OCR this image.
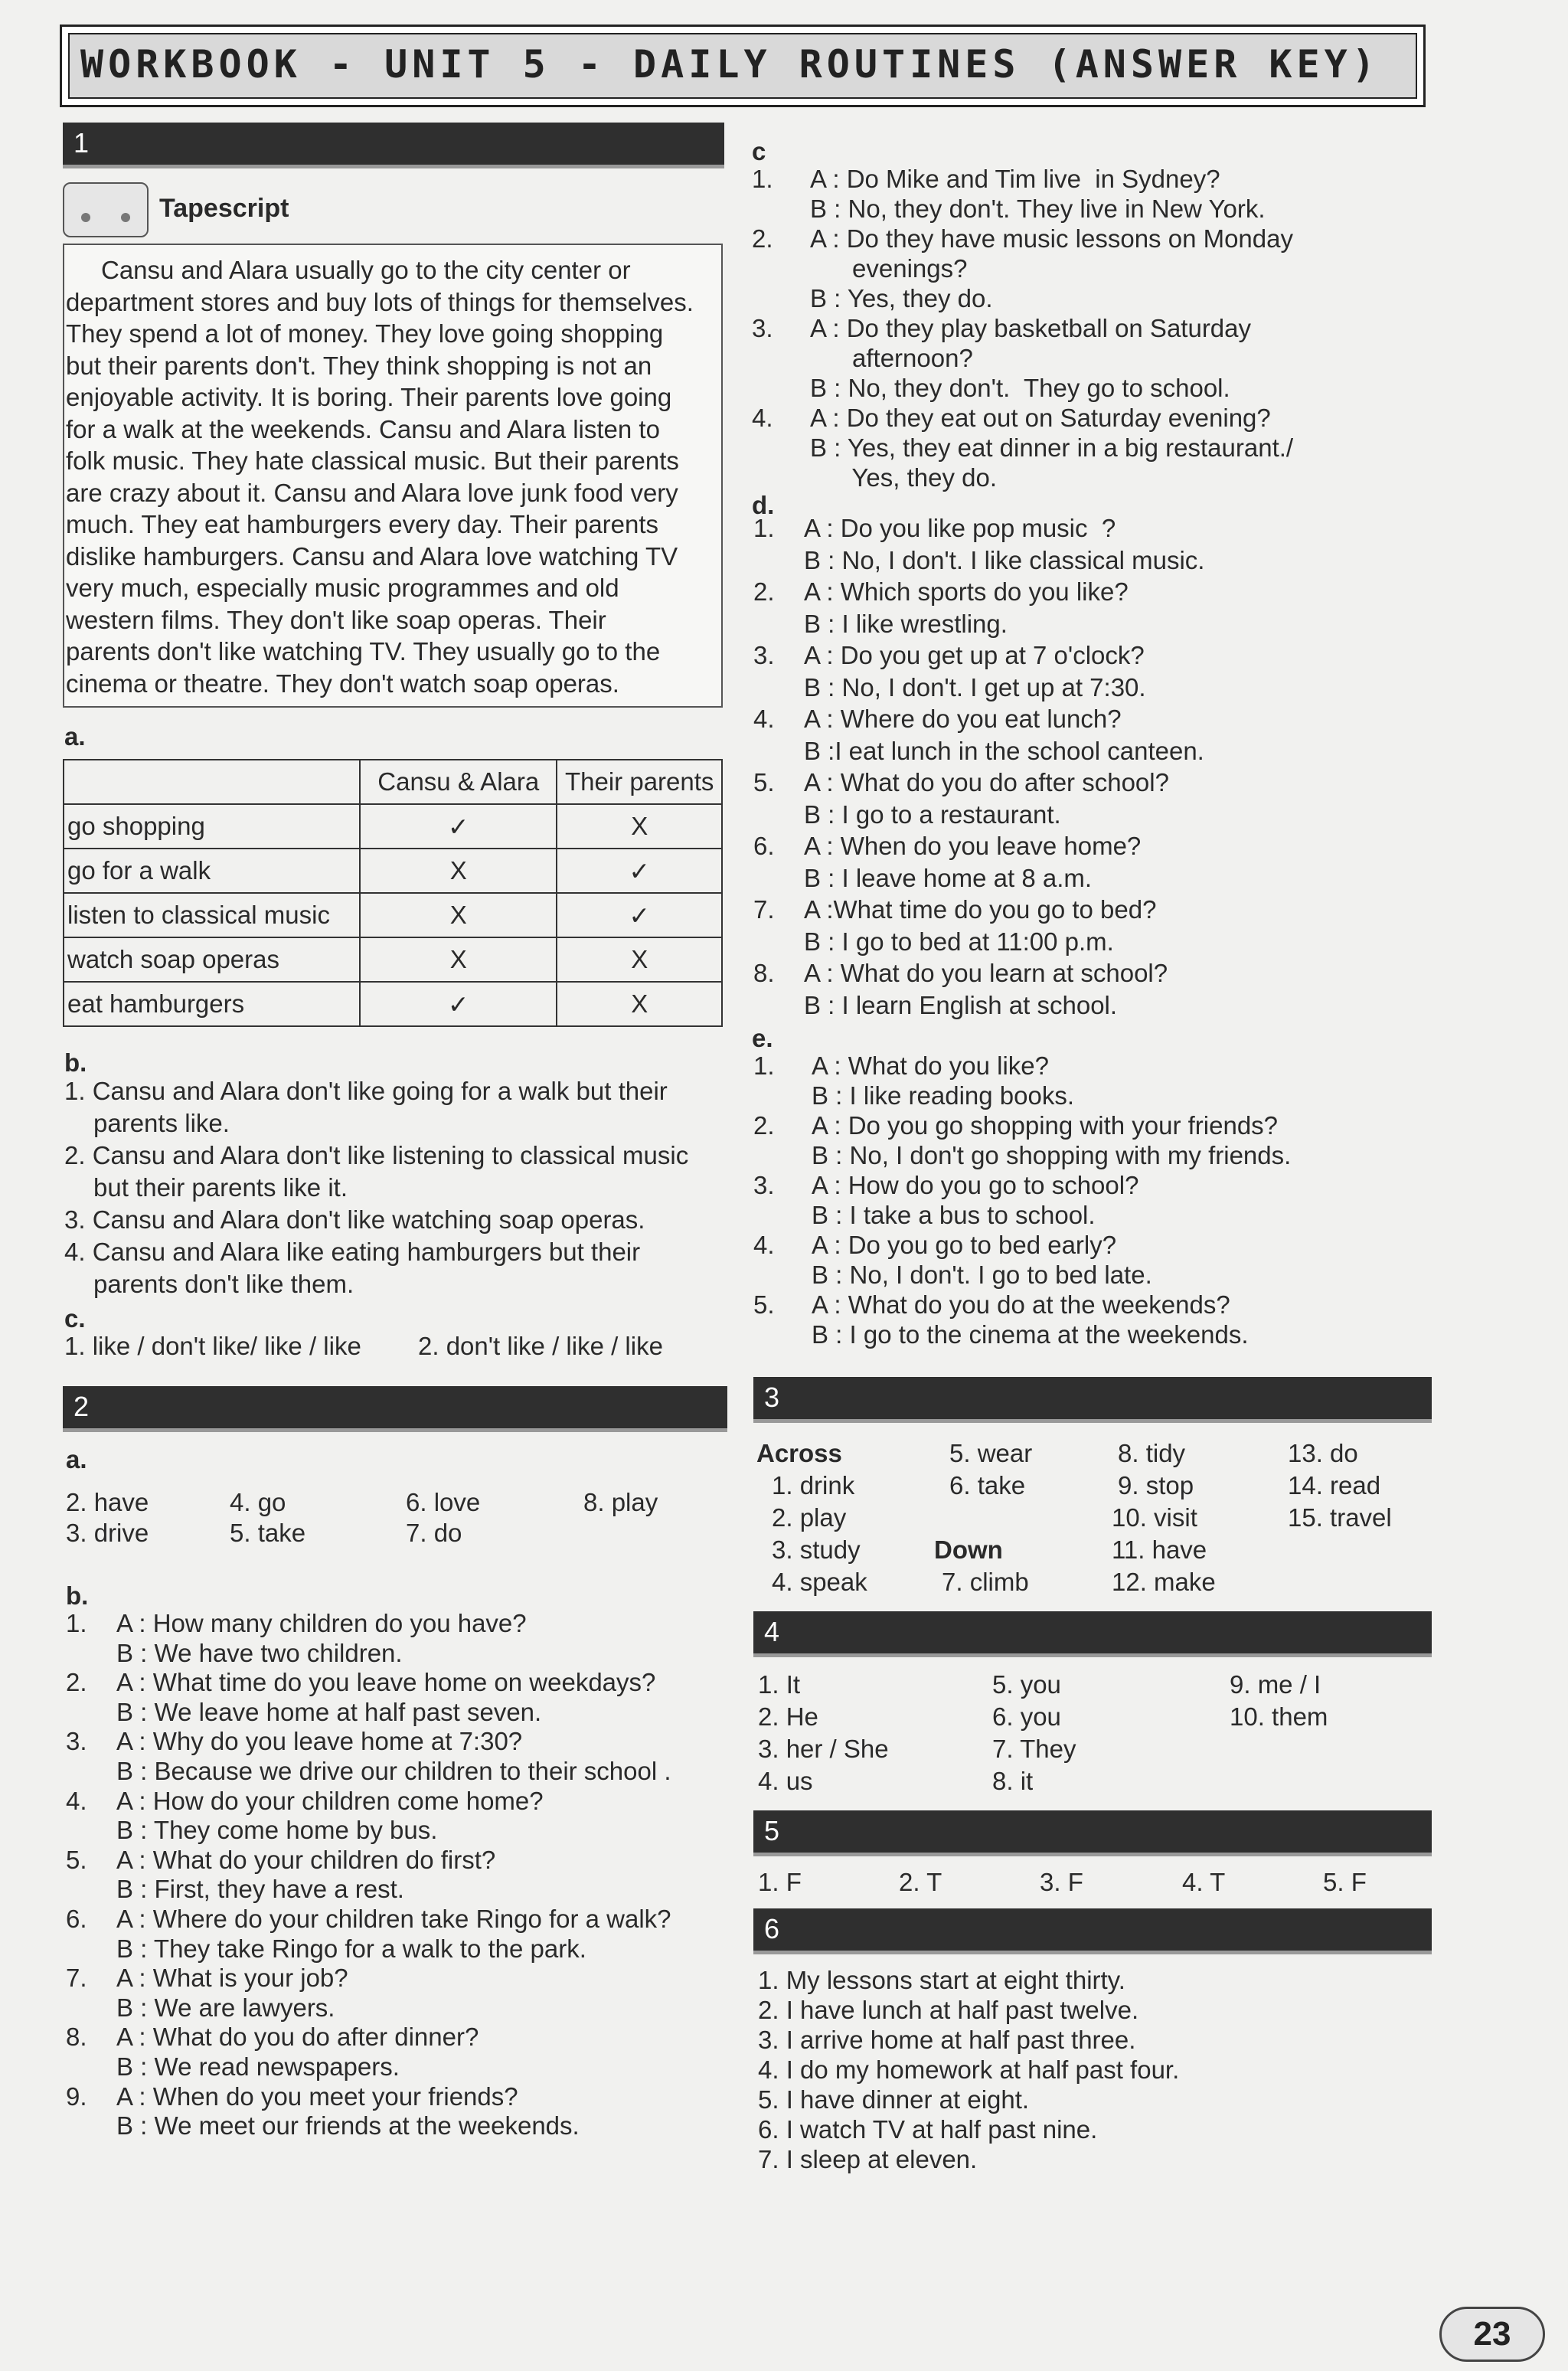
WORKBOOK - UNIT 5 - DAILY ROUTINES (ANSWER KEY)
1
Tapescript

Cansu and Alara usually go to the city center or

department stores and buy lots of things for themselves.
They spend a lot of money. They love going shopping
but their parents don't. They think shopping is not an
enjoyable activity. It is boring. Their parents love going
for a walk at the weekends. Cansu and Alara listen to
folk music. They hate classical music. But their parents
are crazy about it. Cansu and Alara love junk food very
much. They eat hamburgers every day. Their parents
dislike hamburgers. Cansu and Alara love watching TV
very much, especially music programmes and old
western films. They don't like soap operas. Their
parents don't like watching TV. They usually go to the
cinema or theatre. They don't watch soap operas.
a.
	Cansu & Alara	Their parents
go shopping	✓	X
go for a walk	X	✓
listen to classical music	X	✓
watch soap operas	X	X
eat hamburgers	✓	X
b.
1. Cansu and Alara don't like going for a walk but their
parents like.
2. Cansu and Alara don't like listening to classical music
but their parents like it.
3. Cansu and Alara don't like watching soap operas.
4. Cansu and Alara like eating hamburgers but their
parents don't like them.
c.
1. like / don't like/ like / like 2. don't like / like / like
c
1. A : Do Mike and Tim live  in Sydney?
B : No, they don't. They live in New York.
2. A : Do they have music lessons on Monday
evenings?
B : Yes, they do.
3. A : Do they play basketball on Saturday
afternoon?
B : No, they don't.  They go to school.
4. A : Do they eat out on Saturday evening?
B : Yes, they eat dinner in a big restaurant./
Yes, they do.
d.
1. A : Do you like pop music  ?
B : No, I don't. I like classical music.
2. A : Which sports do you like?
B : I like wrestling.
3. A : Do you get up at 7 o'clock?
B : No, I don't. I get up at 7:30.
4. A : Where do you eat lunch?
B :I eat lunch in the school canteen.
5. A : What do you do after school?
B : I go to a restaurant.
6. A : When do you leave home?
B : I leave home at 8 a.m.
7. A :What time do you go to bed?
B : I go to bed at 11:00 p.m.
8. A : What do you learn at school?
B : I learn English at school.
e.
1. A : What do you like?
B : I like reading books.
2. A : Do you go shopping with your friends?
B : No, I don't go shopping with my friends.
3. A : How do you go to school?
B : I take a bus to school.
4. A : Do you go to bed early?
B : No, I don't. I go to bed late.
5. A : What do you do at the weekends?
B : I go to the cinema at the weekends.
2
a.
2. have	4. go	6. love	8. play
3. drive	5. take	7. do
b.
1. A : How many children do you have?
B : We have two children.
2. A : What time do you leave home on weekdays?
B : We leave home at half past seven.
3. A : Why do you leave home at 7:30?
B : Because we drive our children to their school .
4. A : How do your children come home?
B : They come home by bus.
5. A : What do your children do first?
B : First, they have a rest.
6. A : Where do your children take Ringo for a walk?
B : They take Ringo for a walk to the park.
7. A : What is your job?
B : We are lawyers.
8. A : What do you do after dinner?
B : We read newspapers.
9. A : When do you meet your friends?
B : We meet our friends at the weekends.
3
Across
1. drink
2. play
3. study
4. speak
5. wear
6. take
Down
7. climb
8. tidy
9. stop
10. visit
11. have
12. make
13. do
14. read
15. travel
4
1. It
2. He
3. her / She
4. us
5. you
6. you
7. They
8. it
9. me / I
10. them
5
1. F	2. T	3. F	4. T	5. F
6
1. My lessons start at eight thirty.
2. I have lunch at half past twelve.
3. I arrive home at half past three.
4. I do my homework at half past four.
5. I have dinner at eight.
6. I watch TV at half past nine.
7. I sleep at eleven.
23
